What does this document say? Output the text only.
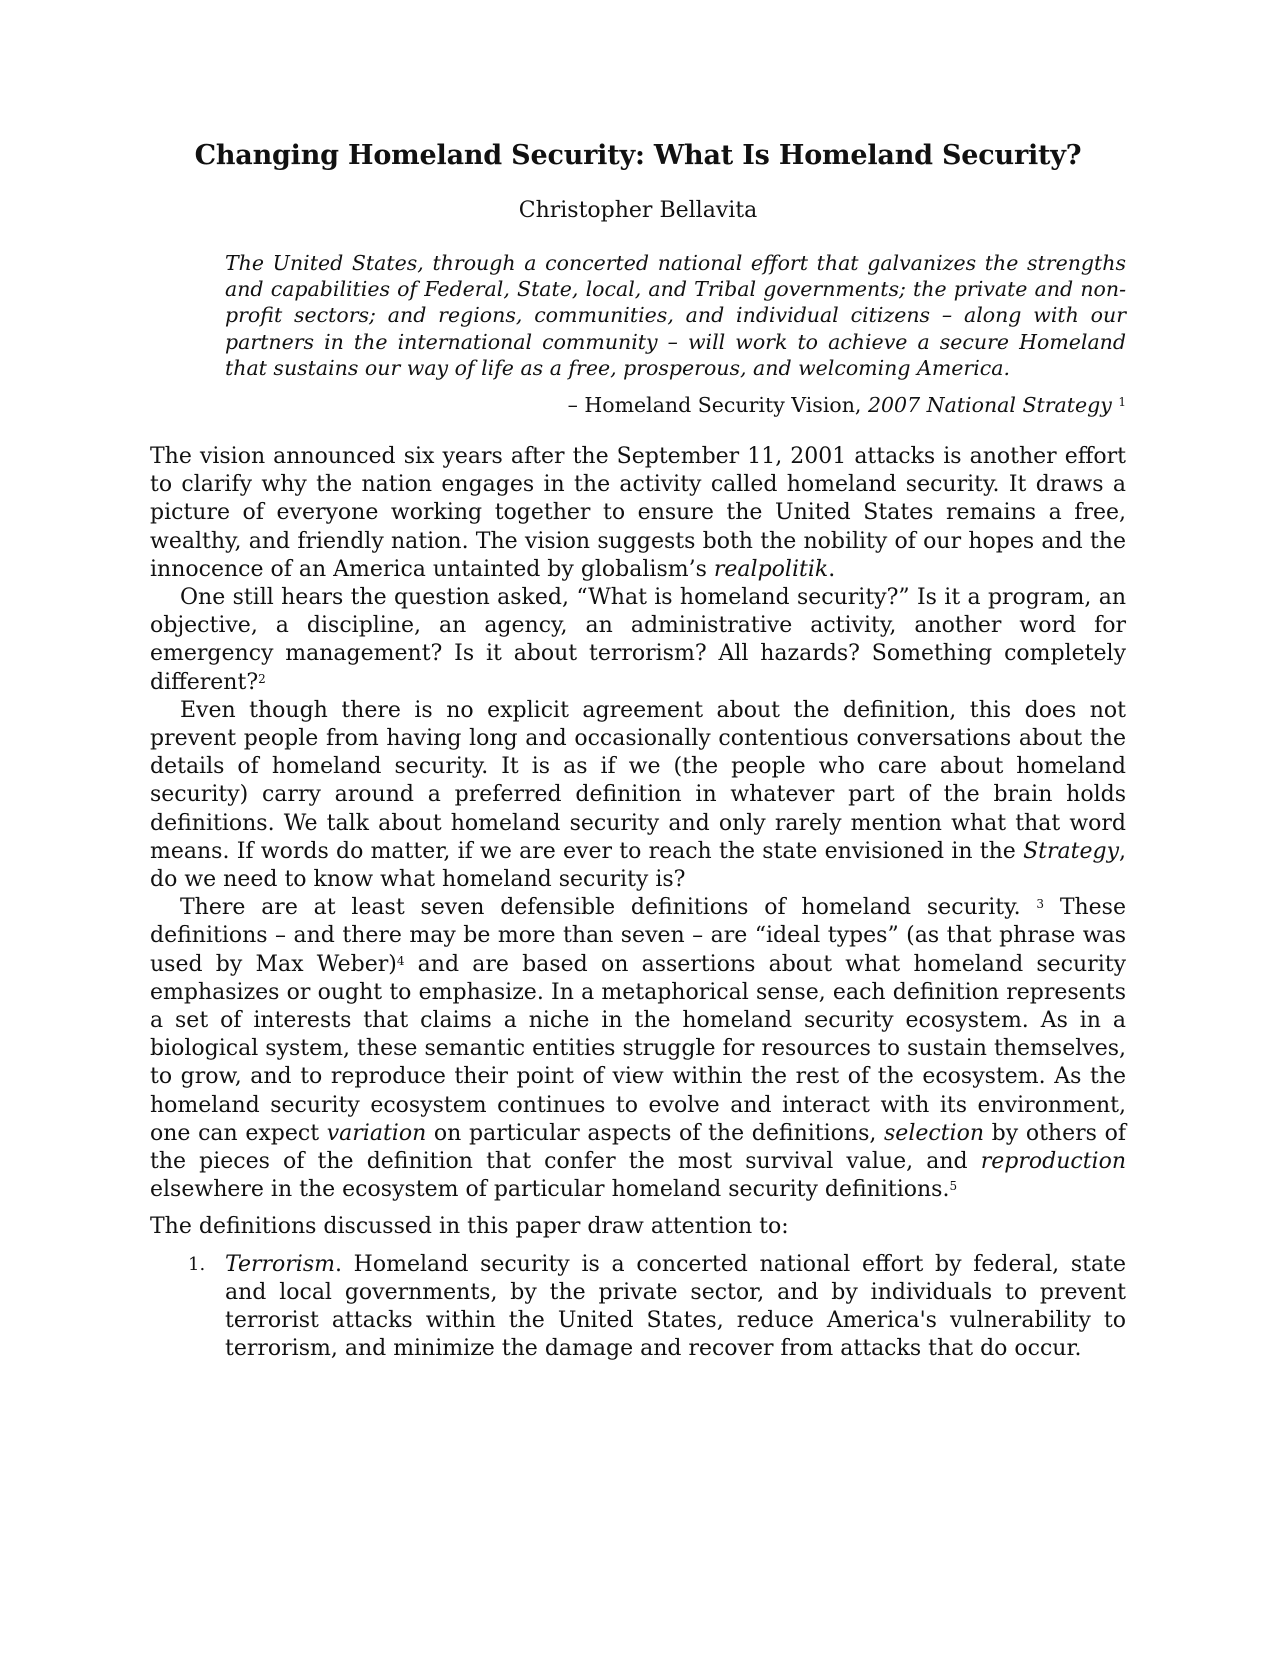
Changing Homeland Security: What Is Homeland Security?
Christopher Bellavita
The United States, through a concerted national effort that galvanizes the strengths and capabilities of Federal, State, local, and Tribal governments; the private and non-profit sectors; and regions, communities, and individual citizens – along with our partners in the international community – will work to achieve a secure Homeland that sustains our way of life as a free, prosperous, and welcoming America.
– Homeland Security Vision, 2007 National Strategy $^1$

The vision announced six years after the September 11, 2001 attacks is another effort to clarify why the nation engages in the activity called homeland security. It draws a picture of everyone working together to ensure the United States remains a free, wealthy, and friendly nation. The vision suggests both the nobility of our hopes and the innocence of an America untainted by globalism’s realpolitik.

One still hears the question asked, “What is homeland security?” Is it a program, an objective, a discipline, an agency, an administrative activity, another word for emergency management? Is it about terrorism? All hazards? Something completely different?$^2$

Even though there is no explicit agreement about the definition, this does not prevent people from having long and occasionally contentious conversations about the details of homeland security. It is as if we (the people who care about homeland security) carry around a preferred definition in whatever part of the brain holds definitions. We talk about homeland security and only rarely mention what that word means. If words do matter, if we are ever to reach the state envisioned in the Strategy, do we need to know what homeland security is?

There are at least seven defensible definitions of homeland security. $^3$ These definitions – and there may be more than seven – are “ideal types” (as that phrase was used by Max Weber)$^4$ and are based on assertions about what homeland security emphasizes or ought to emphasize. In a metaphorical sense, each definition represents a set of interests that claims a niche in the homeland security ecosystem. As in a biological system, these semantic entities struggle for resources to sustain themselves, to grow, and to reproduce their point of view within the rest of the ecosystem. As the homeland security ecosystem continues to evolve and interact with its environment, one can expect variation on particular aspects of the definitions, selection by others of the pieces of the definition that confer the most survival value, and reproduction elsewhere in the ecosystem of particular homeland security definitions.$^5$

The definitions discussed in this paper draw attention to:

1. Terrorism. Homeland security is a concerted national effort by federal, state and local governments, by the private sector, and by individuals to prevent terrorist attacks within the United States, reduce America's vulnerability to terrorism, and minimize the damage and recover from attacks that do occur.
